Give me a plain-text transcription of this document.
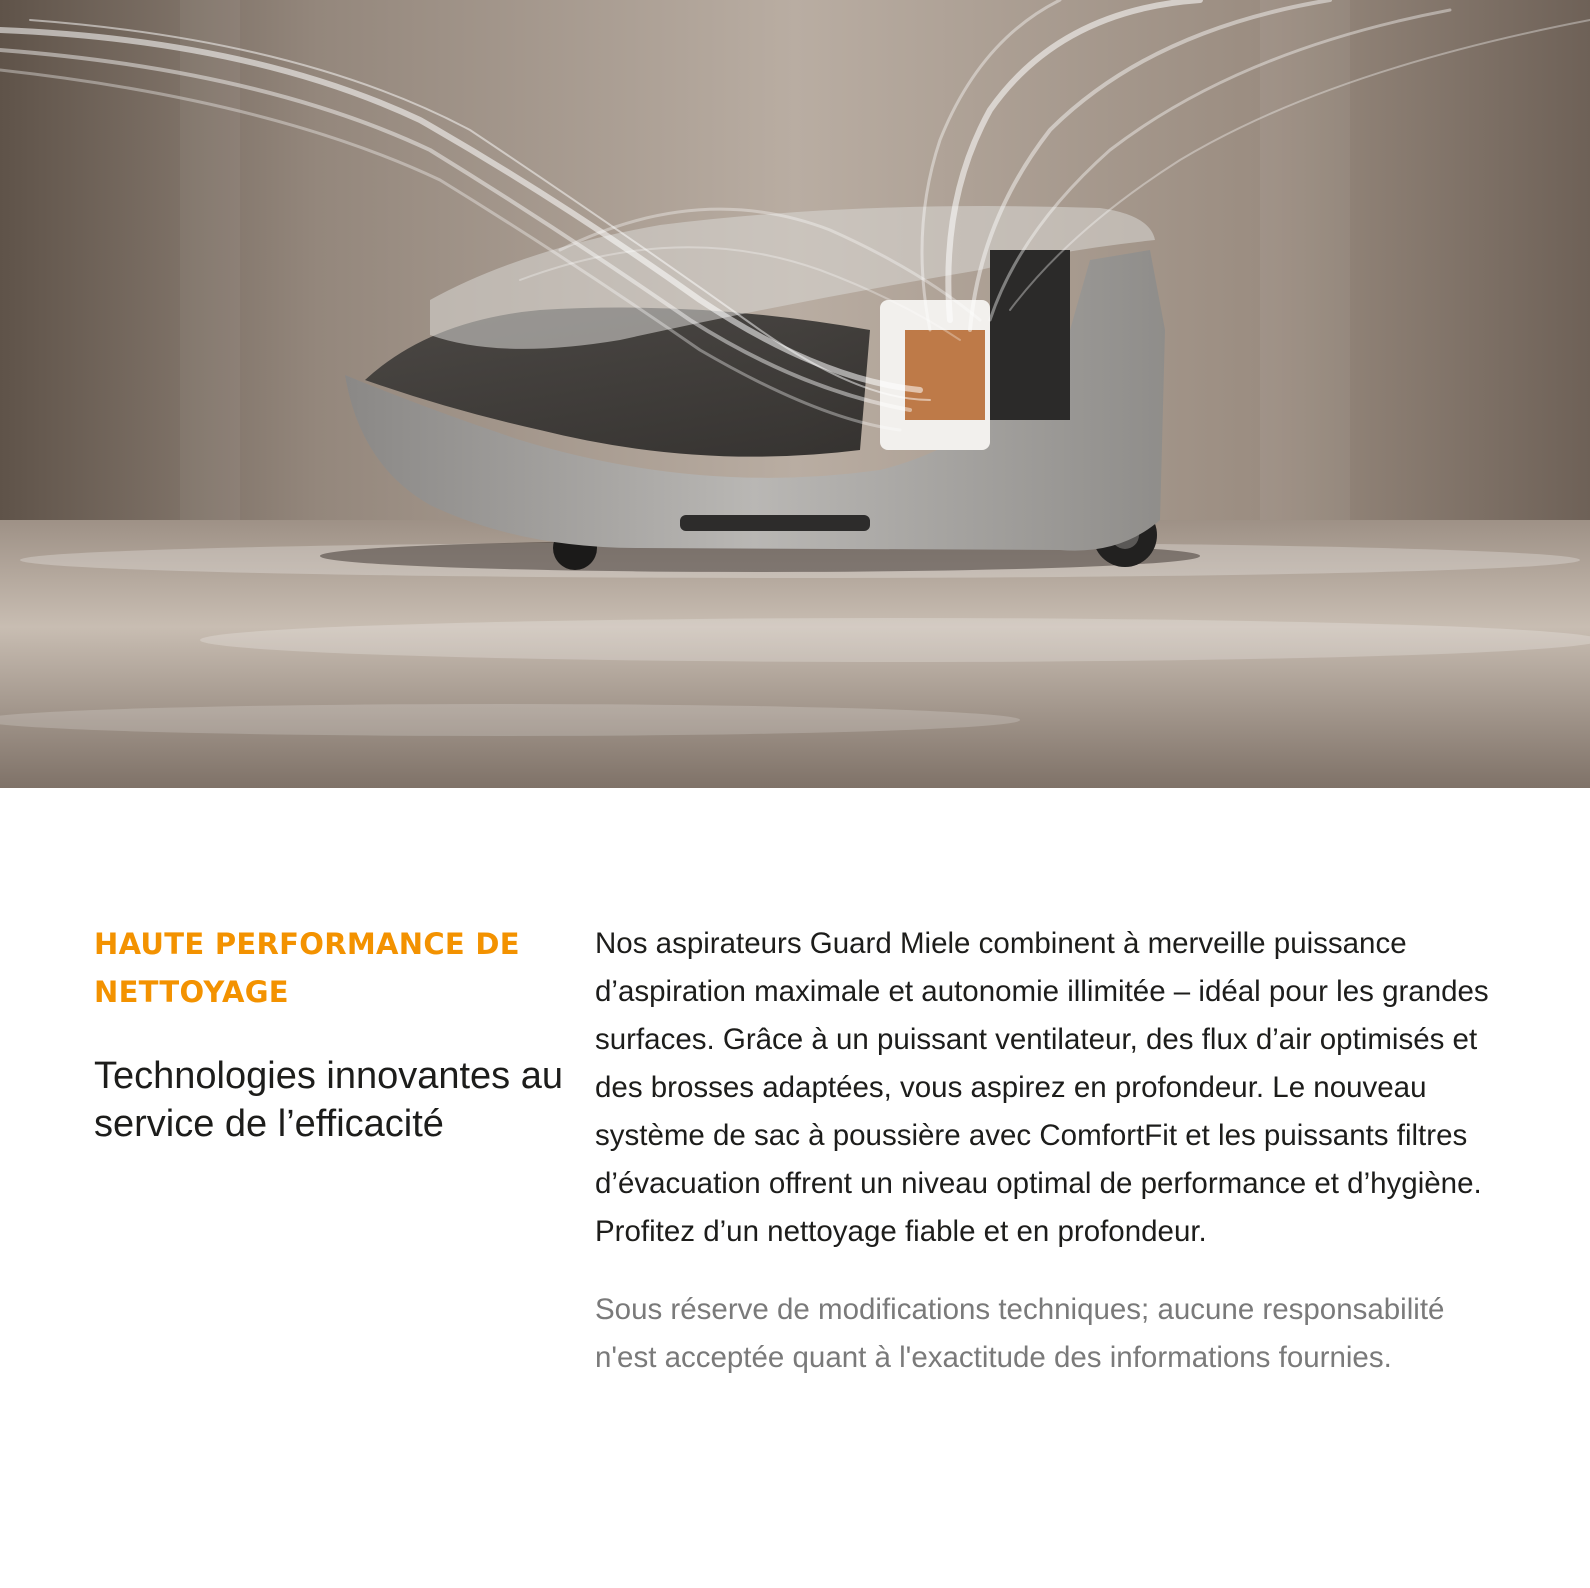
HAUTE PERFORMANCE DE NETTOYAGE
Technologies innovantes au service de l’efficacité

Nos aspirateurs Guard Miele combinent à merveille puissance d’aspiration maximale et autonomie illimitée – idéal pour les grandes surfaces. Grâce à un puissant ventilateur, des flux d’air optimisés et des brosses adaptées, vous aspirez en profondeur. Le nouveau système de sac à poussière avec ComfortFit et les puissants filtres d’évacuation offrent un niveau optimal de performance et d’hygiène. Profitez d’un nettoyage fiable et en profondeur.

Sous réserve de modifications techniques; aucune responsabilité n'est acceptée quant à l'exactitude des informations fournies.
